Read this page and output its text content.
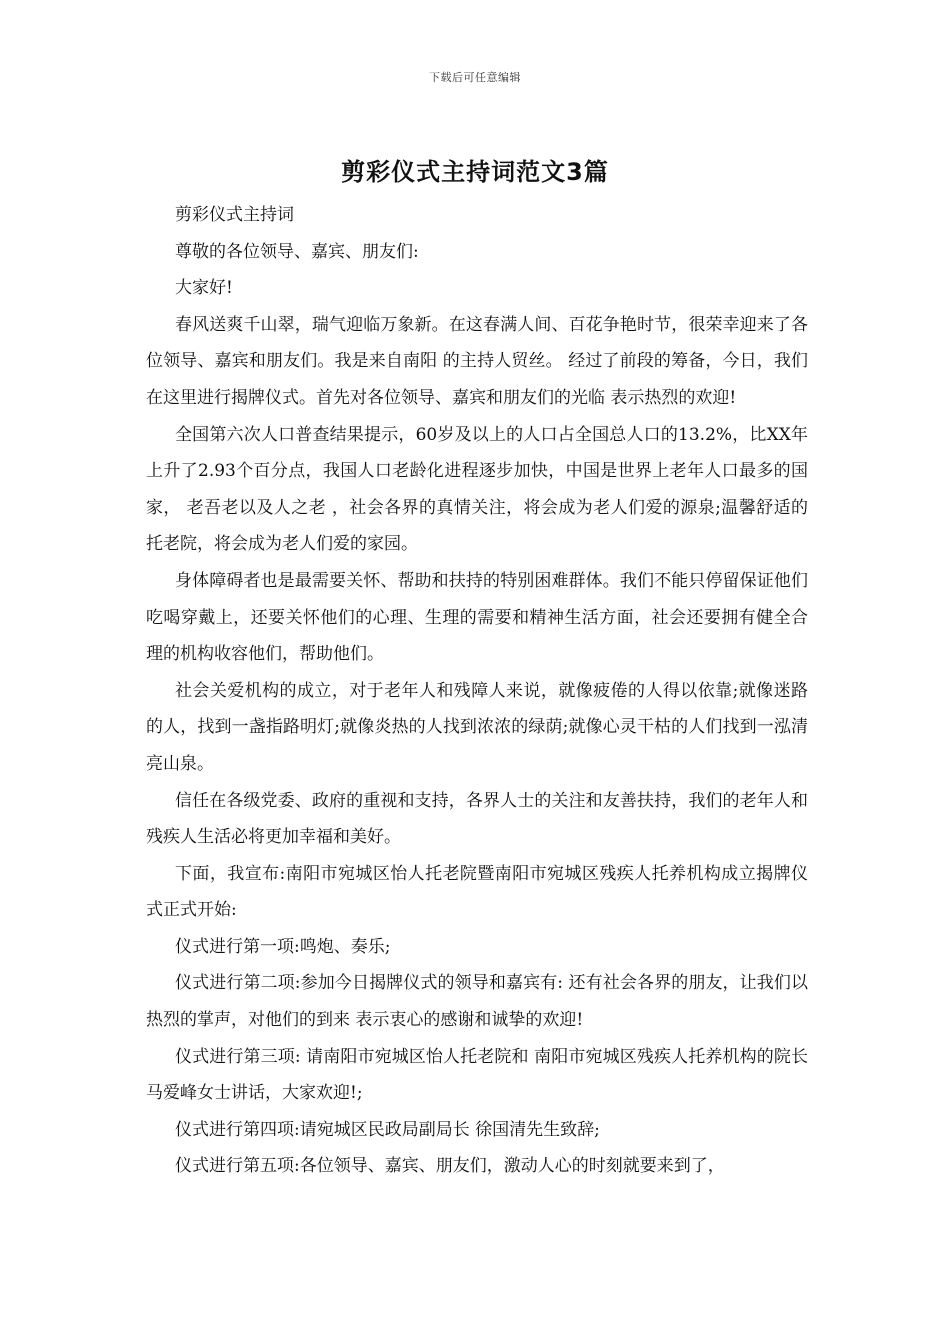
下载后可任意编辑
剪彩仪式主持词范文3篇

剪彩仪式主持词

尊敬的各位领导、嘉宾、朋友们:

大家好!

春风送爽千山翠，瑞气迎临万象新。在这春满人间、百花争艳时节，很荣幸迎来了各位领导、嘉宾和朋友们。我是来自南阳 的主持人贸丝。 经过了前段的筹备，今日，我们在这里进行揭牌仪式。首先对各位领导、嘉宾和朋友们的光临 表示热烈的欢迎!

全国第六次人口普查结果提示，60岁及以上的人口占全国总人口的13.2%，比XX年上升了2.93个百分点，我国人口老龄化进程逐步加快，中国是世界上老年人口最多的国家， 老吾老以及人之老 ，社会各界的真情关注，将会成为老人们爱的源泉;温馨舒适的托老院，将会成为老人们爱的家园。

身体障碍者也是最需要关怀、帮助和扶持的特别困难群体。我们不能只停留保证他们吃喝穿戴上，还要关怀他们的心理、生理的需要和精神生活方面，社会还要拥有健全合理的机构收容他们，帮助他们。

社会关爱机构的成立，对于老年人和残障人来说，就像疲倦的人得以依靠;就像迷路的人，找到一盏指路明灯;就像炎热的人找到浓浓的绿荫;就像心灵干枯的人们找到一泓清亮山泉。

信任在各级党委、政府的重视和支持，各界人士的关注和友善扶持，我们的老年人和残疾人生活必将更加幸福和美好。

下面，我宣布:南阳市宛城区怡人托老院暨南阳市宛城区残疾人托养机构成立揭牌仪式正式开始:

仪式进行第一项:鸣炮、奏乐;

仪式进行第二项:参加今日揭牌仪式的领导和嘉宾有: 还有社会各界的朋友，让我们以热烈的掌声，对他们的到来 表示衷心的感谢和诚挚的欢迎!

仪式进行第三项: 请南阳市宛城区怡人托老院和 南阳市宛城区残疾人托养机构的院长 马爱峰女士讲话，大家欢迎!;

仪式进行第四项:请宛城区民政局副局长 徐国清先生致辞;

仪式进行第五项:各位领导、嘉宾、朋友们，激动人心的时刻就要来到了，
